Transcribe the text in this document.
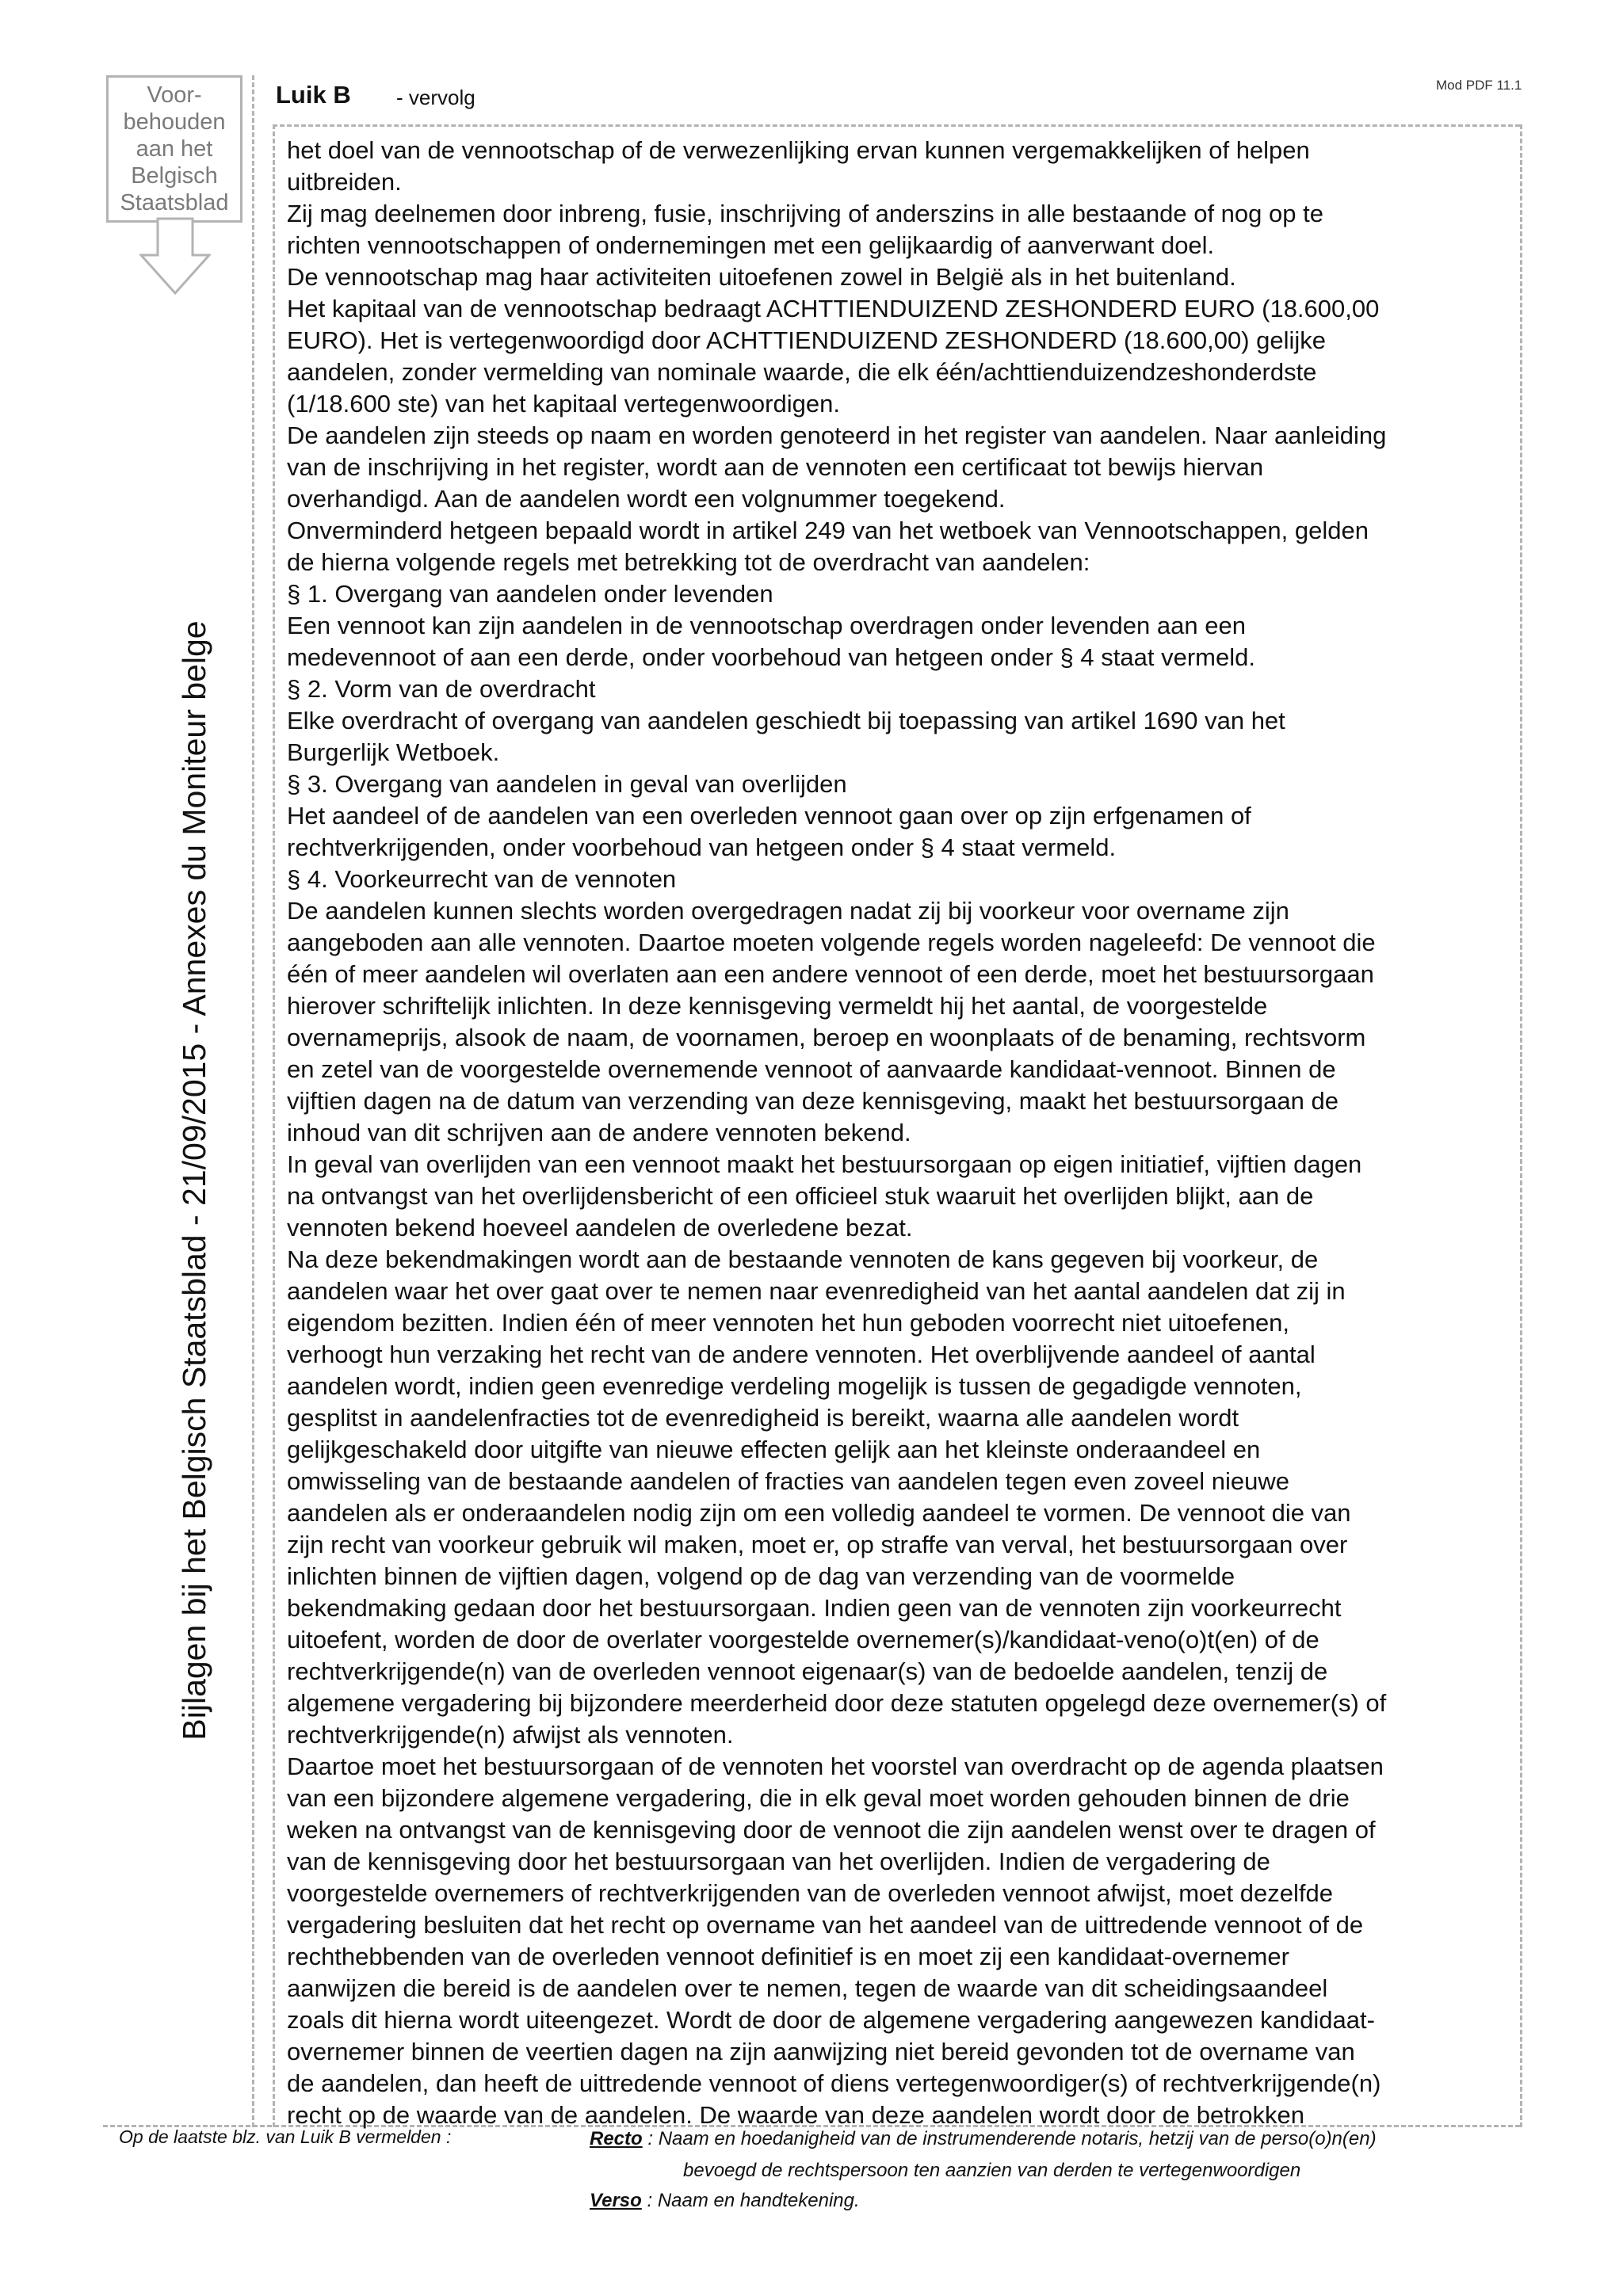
Voor-
behouden
aan het
Belgisch
Staatsblad
Bijlagen bij het Belgisch Staatsblad - 21/09/2015 - Annexes du Moniteur belge
Luik B - vervolg
Mod PDF 11.1

het doel van de vennootschap of de verwezenlijking ervan kunnen vergemakkelijken of helpen

uitbreiden.

Zij mag deelnemen door inbreng, fusie, inschrijving of anderszins in alle bestaande of nog op te

richten vennootschappen of ondernemingen met een gelijkaardig of aanverwant doel.

De vennootschap mag haar activiteiten uitoefenen zowel in België als in het buitenland.

Het kapitaal van de vennootschap bedraagt ACHTTIENDUIZEND ZESHONDERD EURO (18.600,00

EURO). Het is vertegenwoordigd door ACHTTIENDUIZEND ZESHONDERD (18.600,00) gelijke

aandelen, zonder vermelding van nominale waarde, die elk één/achttienduizendzeshonderdste

(1/18.600 ste) van het kapitaal vertegenwoordigen.

De aandelen zijn steeds op naam en worden genoteerd in het register van aandelen. Naar aanleiding

van de inschrijving in het register, wordt aan de vennoten een certificaat tot bewijs hiervan

overhandigd. Aan de aandelen wordt een volgnummer toegekend.

Onverminderd hetgeen bepaald wordt in artikel 249 van het wetboek van Vennootschappen, gelden

de hierna volgende regels met betrekking tot de overdracht van aandelen:

§ 1. Overgang van aandelen onder levenden

Een vennoot kan zijn aandelen in de vennootschap overdragen onder levenden aan een

medevennoot of aan een derde, onder voorbehoud van hetgeen onder § 4 staat vermeld.

§ 2. Vorm van de overdracht

Elke overdracht of overgang van aandelen geschiedt bij toepassing van artikel 1690 van het

Burgerlijk Wetboek.

§ 3. Overgang van aandelen in geval van overlijden

Het aandeel of de aandelen van een overleden vennoot gaan over op zijn erfgenamen of

rechtverkrijgenden, onder voorbehoud van hetgeen onder § 4 staat vermeld.

§ 4. Voorkeurrecht van de vennoten

De aandelen kunnen slechts worden overgedragen nadat zij bij voorkeur voor overname zijn

aangeboden aan alle vennoten. Daartoe moeten volgende regels worden nageleefd: De vennoot die

één of meer aandelen wil overlaten aan een andere vennoot of een derde, moet het bestuursorgaan

hierover schriftelijk inlichten. In deze kennisgeving vermeldt hij het aantal, de voorgestelde

overnameprijs, alsook de naam, de voornamen, beroep en woonplaats of de benaming, rechtsvorm

en zetel van de voorgestelde overnemende vennoot of aanvaarde kandidaat-vennoot. Binnen de

vijftien dagen na de datum van verzending van deze kennisgeving, maakt het bestuursorgaan de

inhoud van dit schrijven aan de andere vennoten bekend.

In geval van overlijden van een vennoot maakt het bestuursorgaan op eigen initiatief, vijftien dagen

na ontvangst van het overlijdensbericht of een officieel stuk waaruit het overlijden blijkt, aan de

vennoten bekend hoeveel aandelen de overledene bezat.

Na deze bekendmakingen wordt aan de bestaande vennoten de kans gegeven bij voorkeur, de

aandelen waar het over gaat over te nemen naar evenredigheid van het aantal aandelen dat zij in

eigendom bezitten. Indien één of meer vennoten het hun geboden voorrecht niet uitoefenen,

verhoogt hun verzaking het recht van de andere vennoten. Het overblijvende aandeel of aantal

aandelen wordt, indien geen evenredige verdeling mogelijk is tussen de gegadigde vennoten,

gesplitst in aandelenfracties tot de evenredigheid is bereikt, waarna alle aandelen wordt

gelijkgeschakeld door uitgifte van nieuwe effecten gelijk aan het kleinste onderaandeel en

omwisseling van de bestaande aandelen of fracties van aandelen tegen even zoveel nieuwe

aandelen als er onderaandelen nodig zijn om een volledig aandeel te vormen. De vennoot die van

zijn recht van voorkeur gebruik wil maken, moet er, op straffe van verval, het bestuursorgaan over

inlichten binnen de vijftien dagen, volgend op de dag van verzending van de voormelde

bekendmaking gedaan door het bestuursorgaan. Indien geen van de vennoten zijn voorkeurrecht

uitoefent, worden de door de overlater voorgestelde overnemer(s)/kandidaat-veno(o)t(en) of de

rechtverkrijgende(n) van de overleden vennoot eigenaar(s) van de bedoelde aandelen, tenzij de

algemene vergadering bij bijzondere meerderheid door deze statuten opgelegd deze overnemer(s) of

rechtverkrijgende(n) afwijst als vennoten.

Daartoe moet het bestuursorgaan of de vennoten het voorstel van overdracht op de agenda plaatsen

van een bijzondere algemene vergadering, die in elk geval moet worden gehouden binnen de drie

weken na ontvangst van de kennisgeving door de vennoot die zijn aandelen wenst over te dragen of

van de kennisgeving door het bestuursorgaan van het overlijden. Indien de vergadering de

voorgestelde overnemers of rechtverkrijgenden van de overleden vennoot afwijst, moet dezelfde

vergadering besluiten dat het recht op overname van het aandeel van de uittredende vennoot of de

rechthebbenden van de overleden vennoot definitief is en moet zij een kandidaat-overnemer

aanwijzen die bereid is de aandelen over te nemen, tegen de waarde van dit scheidingsaandeel

zoals dit hierna wordt uiteengezet. Wordt de door de algemene vergadering aangewezen kandidaat-

overnemer binnen de veertien dagen na zijn aanwijzing niet bereid gevonden tot de overname van

de aandelen, dan heeft de uittredende vennoot of diens vertegenwoordiger(s) of rechtverkrijgende(n)

recht op de waarde van de aandelen. De waarde van deze aandelen wordt door de betrokken

Op de laatste blz. van Luik B vermelden :	Recto : Naam en hoedanigheid van de instrumenderende notaris, hetzij van de perso(o)n(en)
bevoegd de rechtspersoon ten aanzien van derden te vertegenwoordigen
Verso : Naam en handtekening.
